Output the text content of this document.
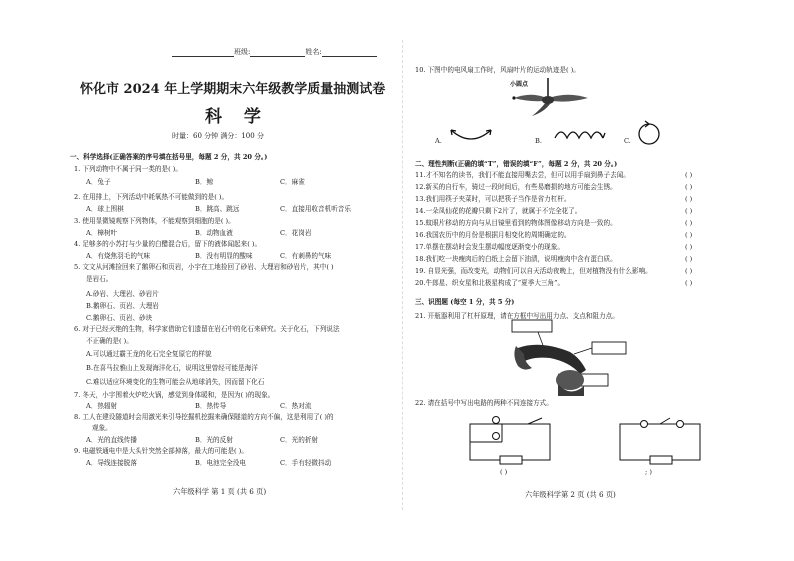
班级:	姓名:
怀化市 2024 年上学期期末六年级教学质量抽测试卷
科 学
时量：60 分钟 满分：100 分
一、科学选择(正确答案的序号填在括号里，每题 2 分，共 20 分。)
1. 下列动物中不属于同一类的是( )。
A．兔子	B．鲸	C．麻雀
2. 在用排上，下列活动中耗氧热不可能做到的是( )。
A．球上围棋	B．跳高、跳远	C．直接用收音机听音乐
3. 使用显微镜观察下列物体，不能观察到细胞的是( )。
A．樟树叶	B．动物血液	C．花岗岩
4. 足够多的小苏打与少量的白醋混合后，留下的液体闻起来( )。
A．有烧焦羽毛的气味	B．没有明显的酸味	C．有刺鼻的气味
5. 文文从河滩捡回来了鹅卵石和页岩，小宇在工地捡回了砂岩、大理岩和砂岩片，其中( )
是岩石。
A.砂岩、大理岩、砂岩片
B.鹅卵石、页岩、大理岩
C.鹅卵石、页岩、砂块
6. 对于已经灭绝的生物，科学家借助它们遗留在岩石中的化石来研究。关于化石，下列说法
不正确的是( )。
A.可以通过霸王龙的化石完全复原它的样貌
B.在喜马拉雅山上发现海洋化石，说明这里曾经可能是海洋
C.难以适应环境变化的生物可能会从地球消失，因而留下化石
7. 冬天，小宇围着火炉吃火锅，感觉到身体暖和，是因为( )的现象。
A．热辐射	B．热传导	C．热对流
8. 工人在建设隧道时会用激光来引导挖掘机挖掘来确保隧道的方向不偏，这是利用了( )的
观象。
A．光的直线传播	B．光的反射	C．光的折射
9. 电磁铁通电中是大头针突然全部掉落，最大的可能是( )。
A．导线连接脱落	B．电池完全没电	C．手有轻微抖动
六年级科学 第 1 页 (共 6 页)
10. 下图中的电风扇工作时，风扇叶片的运动轨迹是( )。
小圆点
A.	B.	C.
二、理性判断(正确的填“T”，错误的填“F”，每题 2 分，共 20 分。)
11.才不知名的读书，我们不能直接用嘴去尝，但可以用手扇到鼻子去闻。	( )
12.新买的自行车，骑过一段时间后，有些易磨损的地方可能会生锈。	( )
13.我们用筷子夹菜时，可以把筷子当作是省力杠杆。	( )
14.一朵凤仙花的花瓣只剩下2片了，就属于不完全花了。	( )
15.蚊眼片移动的方向与从目镜里看到的物体图像移动方向是一致的。	( )
16.我国农历中的月份是根据月相变化的周期确定的。	( )
17.单摆在摆动时会发生摆动幅度逐渐变小的现象。	( )
18.我们吃一块瘦肉后的白纸上会留下油渍，说明瘦肉中含有蛋白质。	( )
19. 自显光强，而改变光，动物们可以自天活动夜晚上，但对植物没有什么影响。	( )
20.牛郎星、织女星和北极星构成了“夏季大三角”。	( )
三、识图题 (每空 1 分，共 5 分)
21. 开瓶器利用了杠杆原理，请在方框中写出用力点、支点和阻力点。
22. 请在括号中写出电路的两种不同连接方式。
( )	; )
六年级科学第 2 页 (共 6 页)
